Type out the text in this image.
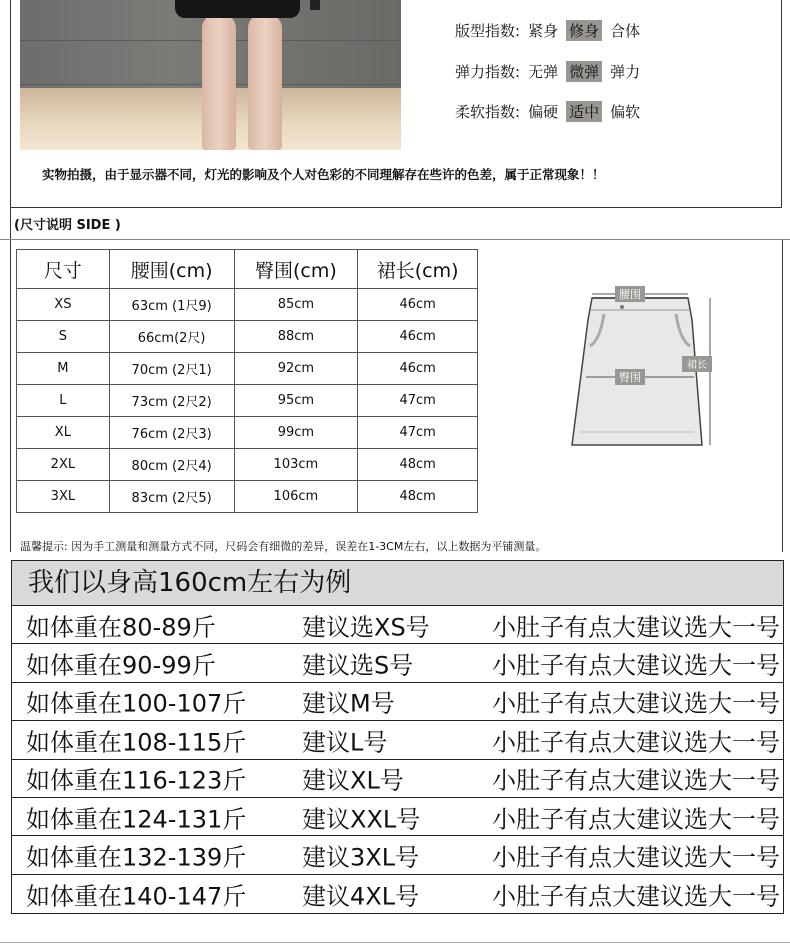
版型指数: 紧身 修身 合体
弹力指数: 无弹 微弹 弹力
柔软指数: 偏硬 适中 偏软
实物拍摄，由于显示器不同，灯光的影响及个人对色彩的不同理解存在些许的色差，属于正常现象！！
(尺寸说明 SIDE )
尺寸	腰围(cm)	臀围(cm)	裙长(cm)
XS	63cm (1尺9)	85cm	46cm
S	66cm(2尺)	88cm	46cm
M	70cm (2尺1)	92cm	46cm
L	73cm (2尺2)	95cm	47cm
XL	76cm (2尺3)	99cm	47cm
2XL	80cm (2尺4)	103cm	48cm
3XL	83cm (2尺5)	106cm	48cm
腰围
臀围
裙长
温馨提示: 因为手工测量和测量方式不同，尺码会有细微的差异，误差在1-3CM左右，以上数据为平铺测量。
我们以身高160cm左右为例
如体重在80-89斤	建议选XS号	小肚子有点大建议选大一号
如体重在90-99斤	建议选S号	小肚子有点大建议选大一号
如体重在100-107斤 建议M号	小肚子有点大建议选大一号
如体重在108-115斤 建议L号	小肚子有点大建议选大一号
如体重在116-123斤 建议XL号	小肚子有点大建议选大一号
如体重在124-131斤 建议XXL号	小肚子有点大建议选大一号
如体重在132-139斤 建议3XL号	小肚子有点大建议选大一号
如体重在140-147斤 建议4XL号	小肚子有点大建议选大一号
